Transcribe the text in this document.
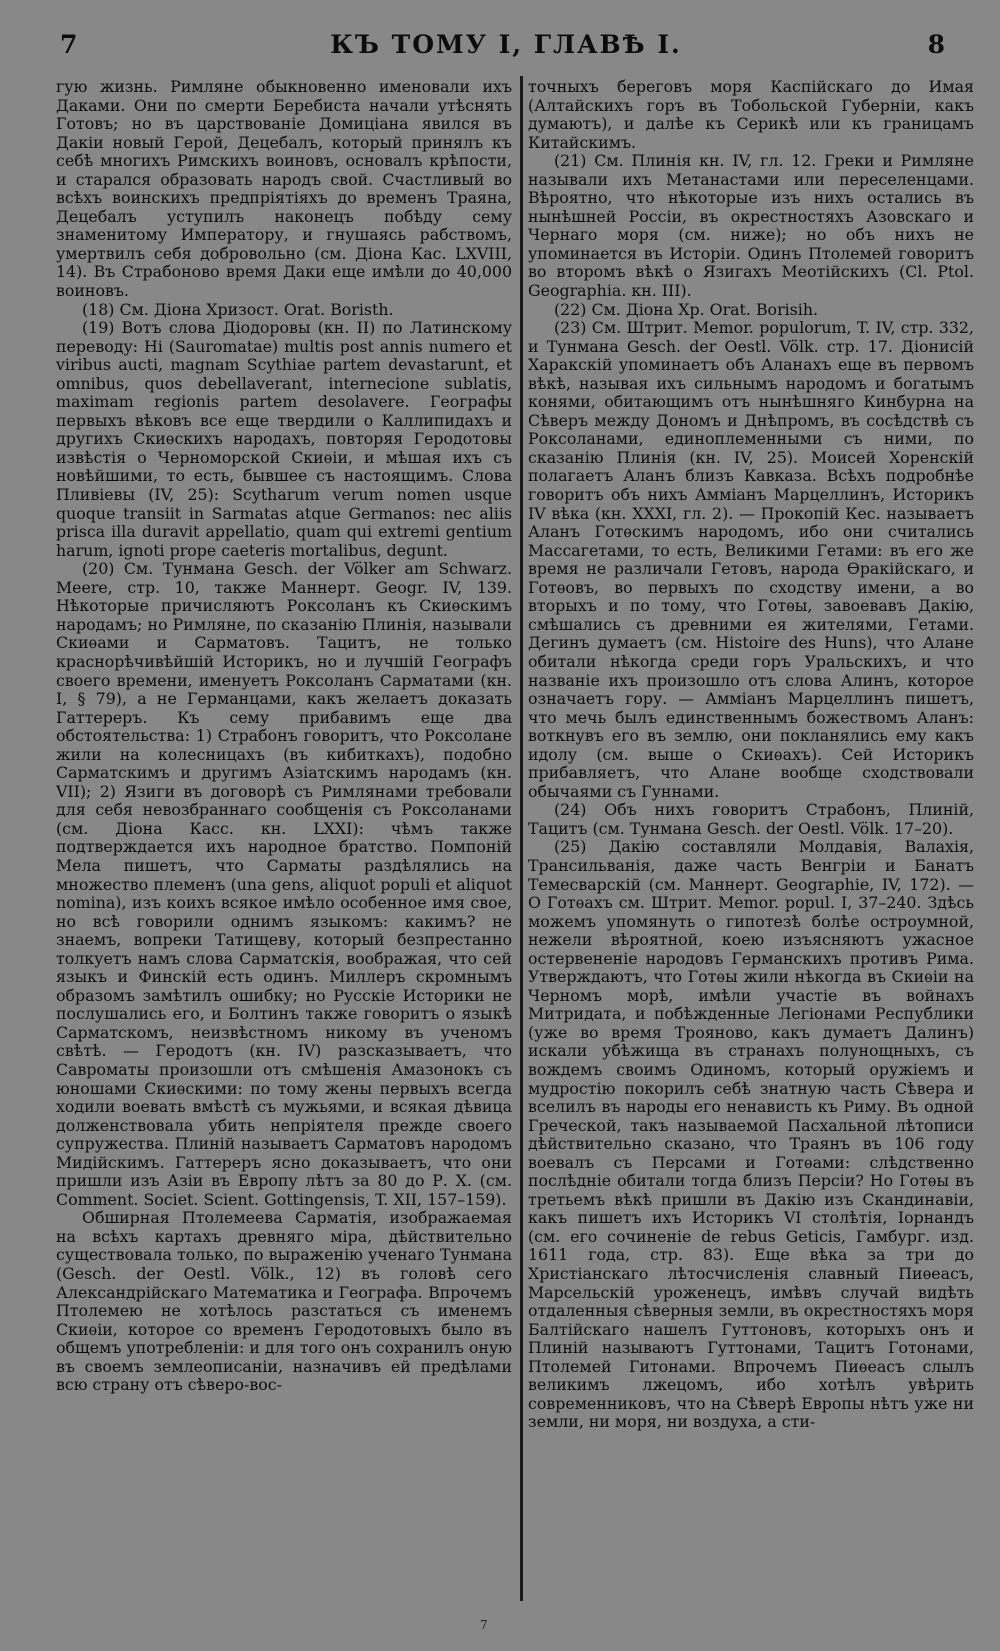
7	КЪ ТОМУ I, ГЛАВѢ I.	8

гую жизнь. Римляне обыкновенно именовали ихъ Даками. Они по смерти Беребиста начали утѣснять Готовъ; но въ царствованіе Домиціана явился въ Дакіи новый Герой, Децебалъ, который принялъ къ себѣ многихъ Римскихъ воиновъ, основалъ крѣпости, и старался образовать народъ свой. Счастливый во всѣхъ воинскихъ предпріятіяхъ до временъ Траяна, Децебалъ уступилъ наконецъ побѣду сему знаменитому Императору, и гнушаясь рабствомъ, умертвилъ себя добровольно (см. Діона Кас. LXVIII, 14). Въ Страбоново время Даки еще имѣли до 40,000 воиновъ.

(18) См. Діона Хризост. Orat. Boristh.

(19) Вотъ слова Діодоровы (кн. II) по Латинскому переводу: Hi (Sauromatae) multis post annis numero et viribus aucti, magnam Scythiae partem devastarunt, et omnibus, quos debellaverant, internecione sublatis, maximam regionis partem desolavere. Географы первыхъ вѣковъ все еще твердили о Каллипидахъ и другихъ Скиѳскихъ народахъ, повторяя Геродотовы извѣстія о Черноморской Скиѳіи, и мѣшая ихъ съ новѣйшими, то есть, бывшее съ настоящимъ. Слова Пливіевы (IV, 25): Scytharum verum nomen usque quoque transiit in Sarmatas atque Germanos: nec aliis prisca illa duravit appellatio, quam qui extremi gentium harum, ignoti prope caeteris mortalibus, degunt.

(20) См. Тунмана Gesch. der Völker am Schwarz. Meere, стр. 10, также Маннерт. Geogr. IV, 139. Нѣкоторые причисляютъ Роксоланъ къ Скиѳскимъ народамъ; но Римляне, по сказанію Плинія, называли Скиѳами и Сарматовъ. Тацитъ, не только краснорѣчивѣйшій Историкъ, но и лучшій Географъ своего времени, именуетъ Роксоланъ Сарматами (кн. I, § 79), а не Германцами, какъ желаетъ доказать Гаттерeръ. Къ сему прибавимъ еще два обстоятельства: 1) Страбонъ говоритъ, что Роксолане жили на колесницахъ (въ кибиткахъ), подобно Сарматскимъ и другимъ Азіатскимъ народамъ (кн. VII); 2) Язиги въ договорѣ съ Римлянами требовали для себя невозбраннаго сообщенія съ Роксоланами (см. Діона Касс. кн. LXXI): чѣмъ также подтверждается ихъ народное братство. Помпоній Мела пишетъ, что Сарматы раздѣлялись на множество племенъ (una gens, aliquot populi et aliquot nomina), изъ коихъ всякое имѣло особенное имя свое, но всѣ говорили однимъ языкомъ: какимъ? не знаемъ, вопреки Татищеву, который безпрестанно толкуетъ намъ слова Сарматскія, воображая, что сей языкъ и Финскій есть одинъ. Миллеръ скромнымъ образомъ замѣтилъ ошибку; но Русскіе Историки не послушались его, и Болтинъ также говоритъ о языкѣ Сарматскомъ, неизвѣстномъ никому въ ученомъ свѣтѣ. — Геродотъ (кн. IV) разсказываетъ, что Савроматы произошли отъ смѣшенія Амазонокъ съ юношами Скиѳскими: по тому жены первыхъ всегда ходили воевать вмѣстѣ съ мужьями, и всякая дѣвица долженствовала убить непріятеля прежде своего супружества. Плиній называетъ Сарматовъ народомъ Мидійскимъ. Гаттерeръ ясно доказываетъ, что они пришли изъ Азіи въ Европу лѣтъ за 80 до Р. Х. (см. Comment. Societ. Scient. Gottingensis, T. XII, 157–159).

Обширная Птолемеева Сарматія, изображаемая на всѣхъ картахъ древняго міра, дѣйствительно существовала только, по выраженію ученаго Тунмана (Gesch. der Oestl. Völk., 12) въ головѣ сего Александрійскаго Математика и Географа. Впрочемъ Птолемею не хотѣлось разстаться съ именемъ Скиѳіи, которое со временъ Геродотовыхъ было въ общемъ употребленіи: и для того онъ сохранилъ оную въ своемъ землеописаніи, назначивъ ей предѣлами всю страну отъ сѣверо-вос-

точныхъ береговъ моря Каспійскаго до Имая (Алтайскихъ горъ въ Тобольской Губерніи, какъ думаютъ), и далѣе къ Серикѣ или къ границамъ Китайскимъ.

(21) См. Плинія кн. IV, гл. 12. Греки и Римляне называли ихъ Метанастами или переселенцами. Вѣроятно, что нѣкоторые изъ нихъ остались въ нынѣшней Россіи, въ окрестностяхъ Азовскаго и Чернаго моря (см. ниже); но объ нихъ не упоминается въ Исторіи. Одинъ Птолемей говоритъ во второмъ вѣкѣ о Язигахъ Меотійскихъ (Cl. Ptol. Geographia. кн. III).

(22) См. Діона Хр. Orat. Borisih.

(23) См. Штрит. Memor. populorum, T. IV, стр. 332, и Тунмана Gesch. der Oestl. Völk. стр. 17. Діонисій Харакскій упоминаетъ объ Аланахъ еще въ первомъ вѣкѣ, называя ихъ сильнымъ народомъ и богатымъ конями, обитающимъ отъ нынѣшняго Кинбурна на Сѣверъ между Дономъ и Днѣпромъ, въ сосѣдствѣ съ Роксоланами, единоплеменными съ ними, по сказанію Плинія (кн. IV, 25). Моисей Хоренскій полагаетъ Аланъ близъ Кавказа. Всѣхъ подробнѣе говоритъ объ нихъ Амміанъ Марцеллинъ, Историкъ IV вѣка (кн. XXXI, гл. 2). — Прокопій Кес. называетъ Аланъ Готѳскимъ народомъ, ибо они считались Массагетами, то есть, Великими Гетами: въ его же время не различали Гетовъ, народа Ѳракійскаго, и Готѳовъ, во первыхъ по сходству имени, а во вторыхъ и по тому, что Готѳы, завоевавъ Дакію, смѣшались съ древними ея жителями, Гетами. Дегинъ думаетъ (см. Histoire des Huns), что Алане обитали нѣкогда среди горъ Уральскихъ, и что названіе ихъ произошло отъ слова Алинъ, которое означаетъ гору. — Амміанъ Марцеллинъ пишетъ, что мечь былъ единственнымъ божествомъ Аланъ: воткнувъ его въ землю, они покланялись ему какъ идолу (см. выше о Скиѳахъ). Сей Историкъ прибавляетъ, что Алане вообще сходствовали обычаями съ Гуннами.

(24) Объ нихъ говоритъ Страбонъ, Плиній, Тацитъ (см. Тунмана Gesch. der Oestl. Völk. 17–20).

(25) Дакію составляли Молдавія, Валахія, Трансильванія, даже часть Венгріи и Банатъ Темесварскій (см. Маннерт. Geographie, IV, 172). — О Готѳахъ см. Штрит. Memor. popul. I, 37–240. Здѣсь можемъ упомянуть о гипотезѣ болѣе остроумной, нежели вѣроятной, коею изъясняютъ ужасное остервененіе народовъ Германскихъ противъ Рима. Утверждаютъ, что Готѳы жили нѣкогда въ Скиѳіи на Черномъ морѣ, имѣли участіе въ войнахъ Митридата, и побѣжденные Легіонами Республики (уже во время Трояново, какъ думаетъ Далинъ) искали убѣжища въ странахъ полунощныхъ, съ вождемъ своимъ Одиномъ, который оружіемъ и мудростію покорилъ себѣ знатную часть Сѣвера и вселилъ въ народы его ненависть къ Риму. Въ одной Греческой, такъ называемой Пасхальной лѣтописи дѣйствительно сказано, что Траянъ въ 106 году воевалъ съ Персами и Готѳами: слѣдственно послѣдніе обитали тогда близъ Персіи? Но Готѳы въ третьемъ вѣкѣ пришли въ Дакію изъ Скандинавіи, какъ пишетъ ихъ Историкъ VI столѣтія, Іорнандъ (см. его сочиненіе de rebus Geticis, Гамбург. изд. 1611 года, стр. 83). Еще вѣка за три до Христіанскаго лѣтосчисленія славный Пиѳеасъ, Марсельскій уроженецъ, имѣвъ случай видѣть отдаленныя сѣверныя земли, въ окрестностяхъ моря Балтійскаго нашелъ Гуттоновъ, которыхъ онъ и Плиній называютъ Гуттонами, Тацитъ Готонами, Птолемей Гитонами. Впрочемъ Пиѳеасъ слылъ великимъ лжецомъ, ибо хотѣлъ увѣрить современниковъ, что на Сѣверѣ Европы нѣтъ уже ни земли, ни моря, ни воздуха, а сти-

7
